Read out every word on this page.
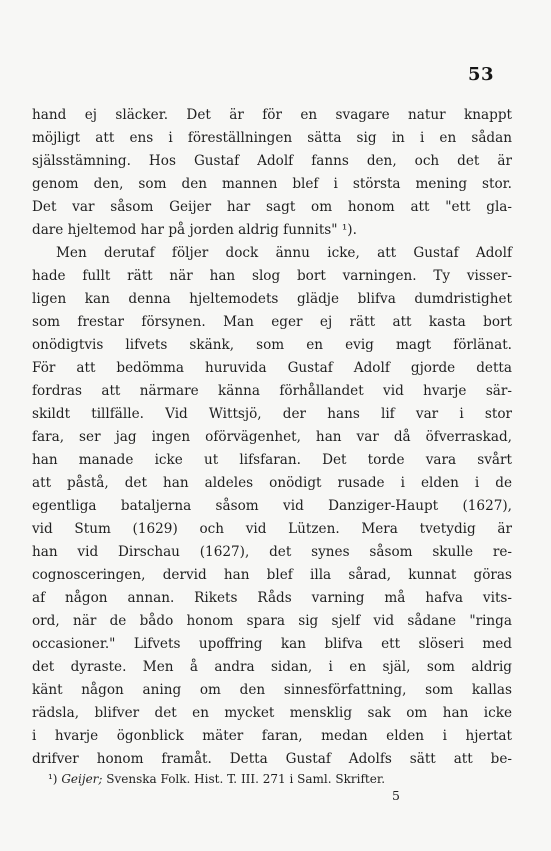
53
hand ej släcker. Det är för en svagare natur knappt
möjligt att ens i föreställningen sätta sig in i en sådan
själsstämning. Hos Gustaf Adolf fanns den, och det är
genom den, som den mannen blef i största mening stor.
Det var såsom Geijer har sagt om honom att "ett gla-
dare hjeltemod har på jorden aldrig funnits" ¹).
Men derutaf följer dock ännu icke, att Gustaf Adolf
hade fullt rätt när han slog bort varningen. Ty visser-
ligen kan denna hjeltemodets glädje blifva dumdristighet
som frestar försynen. Man eger ej rätt att kasta bort
onödigtvis lifvets skänk, som en evig magt förlänat.
För att bedömma huruvida Gustaf Adolf gjorde detta
fordras att närmare känna förhållandet vid hvarje sär-
skildt tillfälle. Vid Wittsjö, der hans lif var i stor
fara, ser jag ingen oförvägenhet, han var då öfverraskad,
han manade icke ut lifsfaran. Det torde vara svårt
att påstå, det han aldeles onödigt rusade i elden i de
egentliga bataljerna såsom vid Danziger-Haupt (1627),
vid Stum (1629) och vid Lützen. Mera tvetydig är
han vid Dirschau (1627), det synes såsom skulle re-
cognosceringen, dervid han blef illa sårad, kunnat göras
af någon annan. Rikets Råds varning må hafva vits-
ord, när de bådo honom spara sig sjelf vid sådane "ringa
occasioner." Lifvets upoffring kan blifva ett slöseri med
det dyraste. Men å andra sidan, i en själ, som aldrig
känt någon aning om den sinnesförfattning, som kallas
rädsla, blifver det en mycket mensklig sak om han icke
i hvarje ögonblick mäter faran, medan elden i hjertat
drifver honom framåt. Detta Gustaf Adolfs sätt att be-
¹) Geijer; Svenska Folk. Hist. T. III. 271 i Saml. Skrifter.
5
